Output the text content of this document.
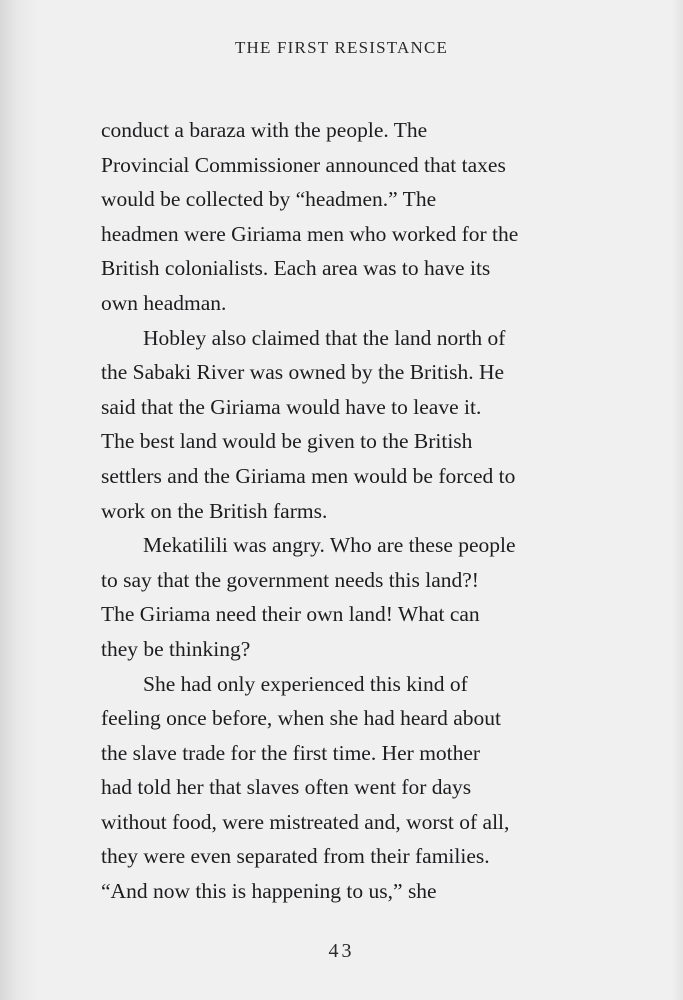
THE FIRST RESISTANCE
conduct a baraza with the people. The
Provincial Commissioner announced that taxes
would be collected by “headmen.” The
headmen were Giriama men who worked for the
British colonialists. Each area was to have its
own headman.
Hobley also claimed that the land north of
the Sabaki River was owned by the British. He
said that the Giriama would have to leave it.
The best land would be given to the British
settlers and the Giriama men would be forced to
work on the British farms.
Mekatilili was angry. Who are these people
to say that the government needs this land?!
The Giriama need their own land! What can
they be thinking?
She had only experienced this kind of
feeling once before, when she had heard about
the slave trade for the first time. Her mother
had told her that slaves often went for days
without food, were mistreated and, worst of all,
they were even separated from their families.
“And now this is happening to us,” she
43
